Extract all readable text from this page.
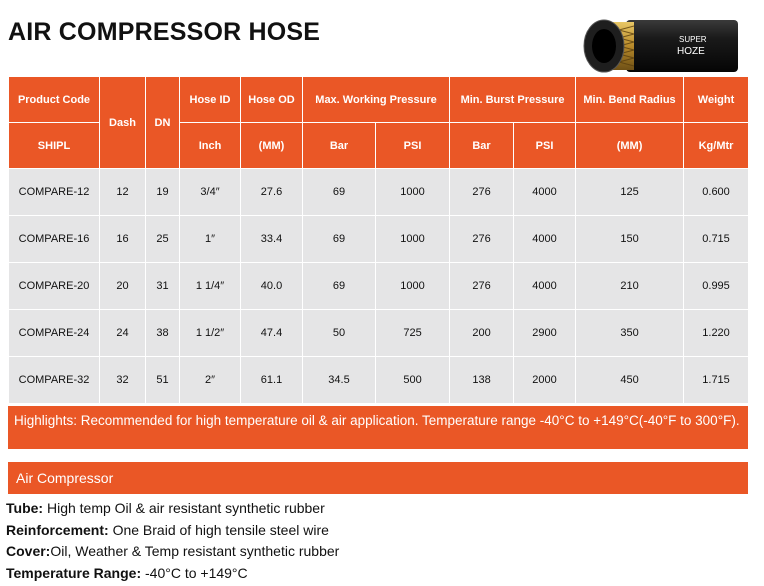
AIR COMPRESSOR HOSE	SUPER
HOZE
Product Code	Dash	DN	Hose ID	Hose OD	Max. Working Pressure		Min. Burst Pressure		Min. Bend Radius	Weight
SHIPL			Inch	(MM)	Bar	PSI	Bar	PSI	(MM)	Kg/Mtr
COMPARE-12	12	19	3/4″	27.6	69	1000	276	4000	125	0.600
COMPARE-16	16	25	1″	33.4	69	1000	276	4000	150	0.715
COMPARE-20	20	31	1 1/4″	40.0	69	1000	276	4000	210	0.995
COMPARE-24	24	38	1 1/2″	47.4	50	725	200	2900	350	1.220
COMPARE-32	32	51	2″	61.1	34.5	500	138	2000	450	1.715
Highlights: Recommended for high temperature oil & air application. Temperature range -40°C to +149°C(-40°F to 300°F).
Air Compressor
Tube: High temp Oil & air resistant synthetic rubber
Reinforcement: One Braid of high tensile steel wire
Cover:Oil, Weather & Temp resistant synthetic rubber
Temperature Range: -40°C to +149°C
